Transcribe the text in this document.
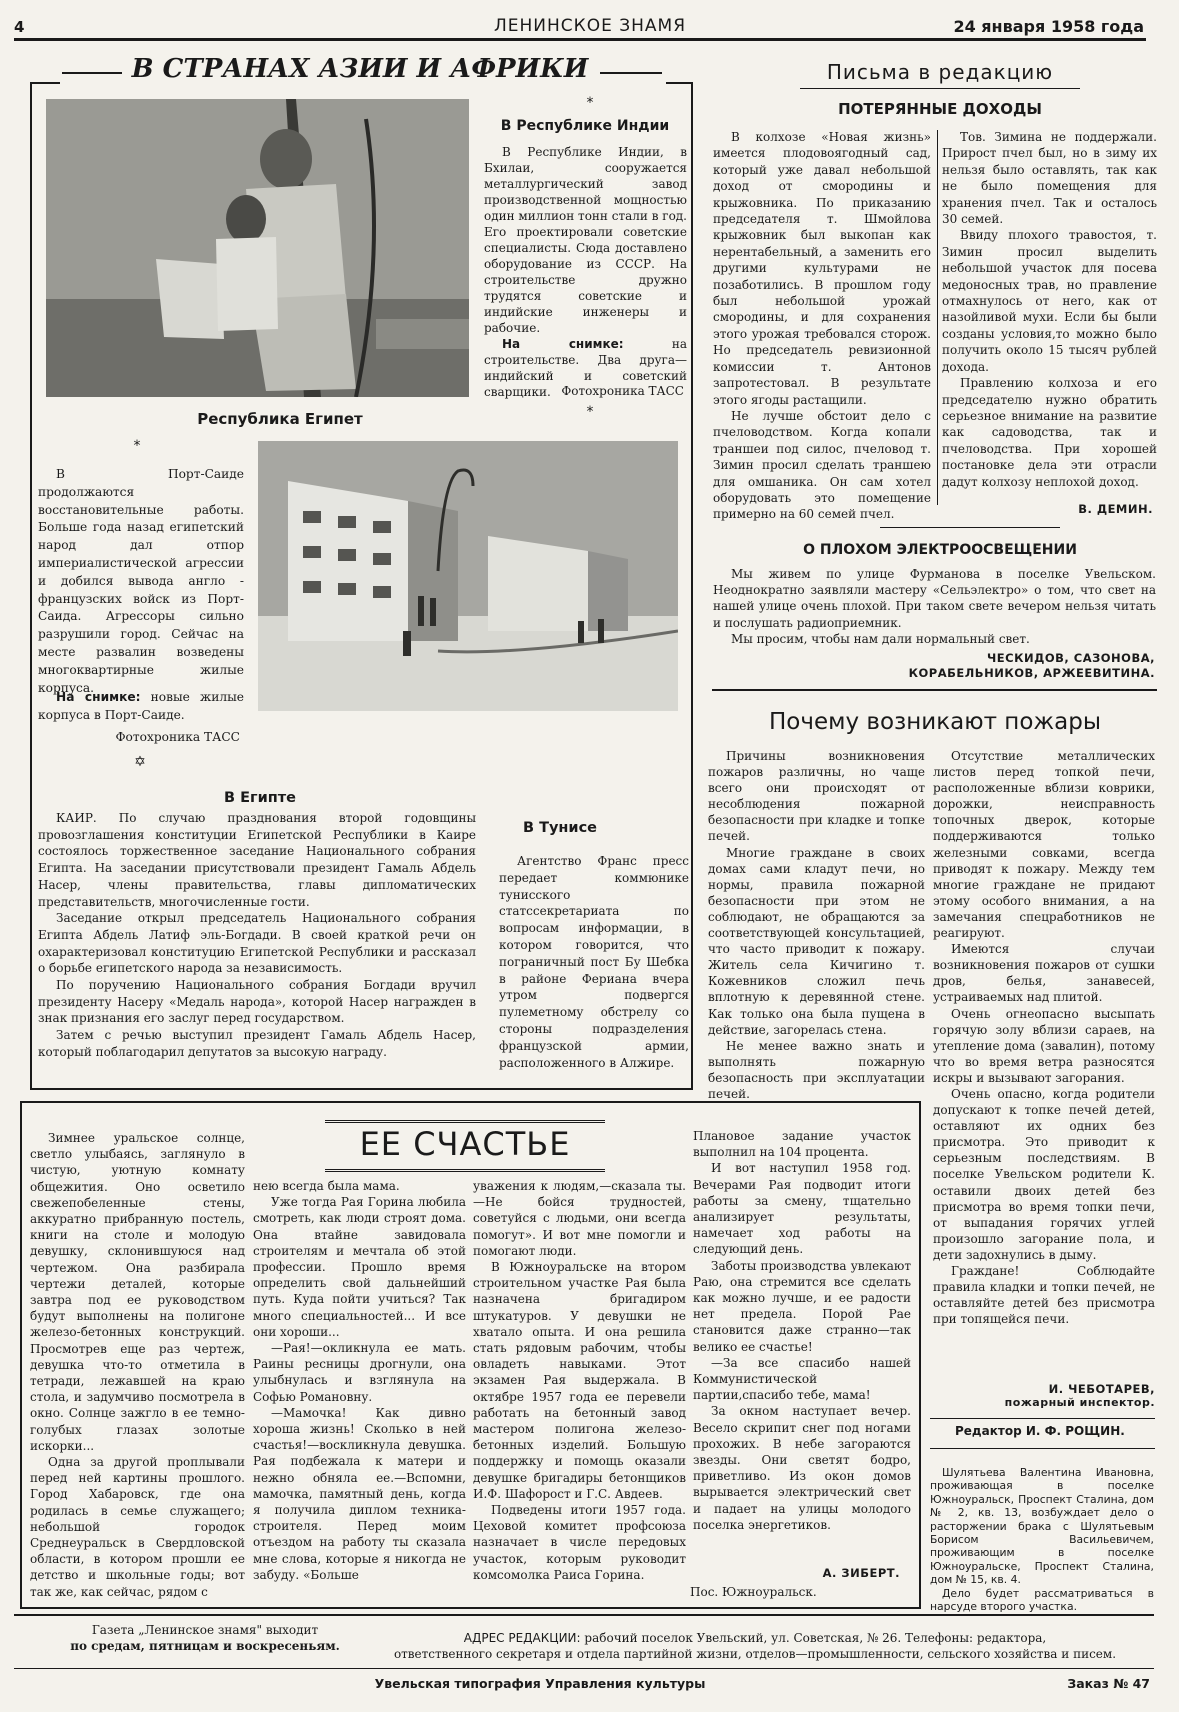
4	ЛЕНИНСКОЕ ЗНАМЯ	24 января 1958 года
В СТРАНАХ АЗИИ И АФРИКИ
*
В Республике Индии
В Республике Индии, в Бхилаи, сооружается металлургический завод производственной мощностью один миллион тонн стали в год. Его проектировали советские специалисты. Сюда доставлено оборудование из СССР. На строительстве дружно трудятся советские и индийские инженеры и рабочие.
На снимке: на строительстве. Два друга—индийский и советский сварщики. Фотохроника ТАСС
*
Республика Египет
*
В Порт-Саиде продолжаются восстановительные работы. Больше года назад египетский народ дал отпор империалистической агрессии и добился вывода англо - французских войск из Порт-Саида. Агрессоры сильно разрушили город. Сейчас на месте развалин возведены многоквартирные жилые корпуса.
На снимке: новые жилые корпуса в Порт-Саиде.
Фотохроника ТАСС
✡
В Египте

КАИР. По случаю празднования второй годовщины провозглашения конституции Египетской Республики в Каире состоялось торжественное заседание Национального собрания Египта. На заседании присутствовали президент Гамаль Абдель Насер, члены правительства, главы дипломатических представительств, многочисленные гости.

Заседание открыл председатель Национального собрания Египта Абдель Латиф эль-Богдади. В своей краткой речи он охарактеризовал конституцию Египетской Республики и рассказал о борьбе египетского народа за независимость.

По поручению Национального собрания Богдади вручил президенту Насеру «Медаль народа», которой Насер награжден в знак признания его заслуг перед государством.

Затем с речью выступил президент Гамаль Абдель Насер, который поблагодарил депутатов за высокую награду.

В Тунисе
Агентство Франс пресс передает коммюнике тунисского статссекретариата по вопросам информации, в котором говорится, что пограничный пост Бу Шебка в районе Ферианa вчера утром подвергся пулеметному обстрелу со стороны подразделения французской армии, расположенного в Алжире.
Письма в редакцию
ПОТЕРЯННЫЕ ДОХОДЫ

В колхозе «Новая жизнь» имеется плодовоягодный сад, который уже давал небольшой доход от смородины и крыжовника. По приказанию председателя т. Шмойлова крыжовник был выкопан как нерентабельный, а заменить его другими культурами не позаботились. В прошлом году был небольшой урожай смородины, и для сохранения этого урожая требовался сторож. Но председатель ревизионной комиссии т. Антонов запротестовал. В результате этого ягоды растащили.

Не лучше обстоит дело с пчеловодством. Когда копали траншеи под силос, пчеловод т. Зимин просил сделать траншею для омшаника. Он сам хотел оборудовать это помещение примерно на 60 семей пчел.

Тов. Зимина не поддержали. Прирост пчел был, но в зиму их нельзя было оставлять, так как не было помещения для хранения пчел. Так и осталось 30 семей.

Ввиду плохого травостоя, т. Зимин просил выделить небольшой участок для посева медоносных трав, но правление отмахнулось от него, как от назойливой мухи. Если бы были созданы условия,то можно было получить около 15 тысяч рублей дохода.

Правлению колхоза и его председателю нужно обратить серьезное внимание на развитие как садоводства, так и пчеловодства. При хорошей постановке дела эти отрасли дадут колхозу неплохой доход.

В. ДЕМИН.
О ПЛОХОМ ЭЛЕКТРООСВЕЩЕНИИ

Мы живем по улице Фурманова в поселке Увельском. Неоднократно заявляли мастеру «Сельэлектро» о том, что свет на нашей улице очень плохой. При таком свете вечером нельзя читать и послушать радиоприемник.

Мы просим, чтобы нам дали нормальный свет.

ЧЕСКИДОВ, САЗОНОВА,
КОРАБЕЛЬНИКОВ, АРЖЕЕВИТИНА.
Почему возникают пожары

Причины возникновения пожаров различны, но чаще всего они происходят от несоблюдения пожарной безопасности при кладке и топке печей.

Многие граждане в своих домах сами кладут печи, но нормы, правила пожарной безопасности при этом не соблюдают, не обращаются за соответствующей консультацией, что часто приводит к пожару. Житель села Кичигино т. Кожевников сложил печь вплотную к деревянной стене. Как только она была пущена в действие, загорелась стена.

Не менее важно знать и выполнять пожарную безопасность при эксплуатации печей.

Отсутствие металлических листов перед топкой печи, расположенные вблизи коврики, дорожки, неисправность топочных дверок, которые поддерживаются только железными совками, всегда приводят к пожару. Между тем многие граждане не придают этому особого внимания, а на замечания спецработников не реагируют.

Имеются случаи возникновения пожаров от сушки дров, белья, занавесей, устраиваемых над плитой.

Очень огнеопасно высыпать горячую золу вблизи сараев, на утепление дома (завалин), потому что во время ветра разносятся искры и вызывают загорания.

Очень опасно, когда родители допускают к топке печей детей, оставляют их одних без присмотра. Это приводит к серьезным последствиям. В поселке Увельском родители К. оставили двоих детей без присмотра во время топки печи, от выпадания горячих углей произошло загорание пола, и дети задохнулись в дыму.

Граждане! Соблюдайте правила кладки и топки печей, не оставляйте детей без присмотра при топящейся печи.

И. ЧЕБОТАРЕВ,
пожарный инспектор.
Редактор И. Ф. РОЩИН.
Шулятьева Валентина Ивановна, проживающая в поселке Южноуральск, Проспект Сталина, дом № 2, кв. 13, возбуждает дело о расторжении брака с Шулятьевым Борисом Васильевичем, проживающим в поселке Южноуральске, Проспект Сталина, дом № 15, кв. 4.
Дело будет рассматриваться в нарсуде второго участка.
ЕЕ СЧАСТЬЕ

Зимнее уральское солнце, светло улыбаясь, заглянуло в чистую, уютную комнату общежития. Оно осветило свежепобеленные стены, аккуратно прибранную постель, книги на столе и молодую девушку, склонившуюся над чертежом. Она разбирала чертежи деталей, которые завтра под ее руководством будут выполнены на полигоне железо-бетонных конструкций. Просмотрев еще раз чертеж, девушка что-то отметила в тетради, лежавшей на краю стола, и задумчиво посмотрела в окно. Солнце зажгло в ее темно-голубых глазах золотые искорки...

Одна за другой проплывали перед ней картины прошлого. Город Хабаровск, где она родилась в семье служащего; небольшой городок Среднеуральск в Свердловской области, в котором прошли ее детство и школьные годы; вот так же, как сейчас, рядом с

нею всегда была мама.

Уже тогда Рая Горина любила смотреть, как люди строят дома. Она втайне завидовала строителям и мечтала об этой профессии. Прошло время определить свой дальнейший путь. Куда пойти учиться? Так много специальностей... И все они хороши...

—Рая!—окликнула ее мать. Раины ресницы дрогнули, она улыбнулась и взглянула на Софью Романовну.

—Мамочка! Как дивно хороша жизнь! Сколько в ней счастья!—воскликнула девушка. Рая подбежала к матери и нежно обняла ее.—Вспомни, мамочка, памятный день, когда я получила диплом техника-строителя. Перед моим отъездом на работу ты сказала мне слова, которые я никогда не забуду. «Больше

уважения к людям,—сказала ты.—Не бойся трудностей, советуйся с людьми, они всегда помогут». И вот мне помогли и помогают люди.

В Южноуральске на втором строительном участке Рая была назначена бригадиром штукатуров. У девушки не хватало опыта. И она решила стать рядовым рабочим, чтобы овладеть навыками. Этот экзамен Рая выдержала. В октябре 1957 года ее перевели работать на бетонный завод мастером полигона железо-бетонных изделий. Большую поддержку и помощь оказали девушке бригадиры бетонщиков И.Ф. Шафорост и Г.С. Авдеев.

Подведены итоги 1957 года. Цеховой комитет профсоюза назначает в числе передовых участок, которым руководит комсомолка Раиса Горина.

Плановое задание участок выполнил на 104 процента.

И вот наступил 1958 год. Вечерами Рая подводит итоги работы за смену, тщательно анализирует результаты, намечает ход работы на следующий день.

Заботы производства увлекают Раю, она стремится все сделать как можно лучше, и ее радости нет предела. Порой Рае становится даже странно—так велико ее счастье!

—За все спасибо нашей Коммунистической партии,спасибо тебе, мама!

За окном наступает вечер. Весело скрипит снег под ногами прохожих. В небе загораются звезды. Они светят бодро, приветливо. Из окон домов вырывается электрический свет и падает на улицы молодого поселка энергетиков.

А. ЗИБЕРТ.
Пос. Южноуральск.
Газета „Ленинское знамя" выходит
по средам, пятницам и воскресеньям.
АДРЕС РЕДАКЦИИ: рабочий поселок Увельский, ул. Советская, № 26. Телефоны: редактора,
ответственного секретаря и отдела партийной жизни, отделов—промышленности, сельского хозяйства и писем.
Увельская типография Управления культуры	Заказ № 47
